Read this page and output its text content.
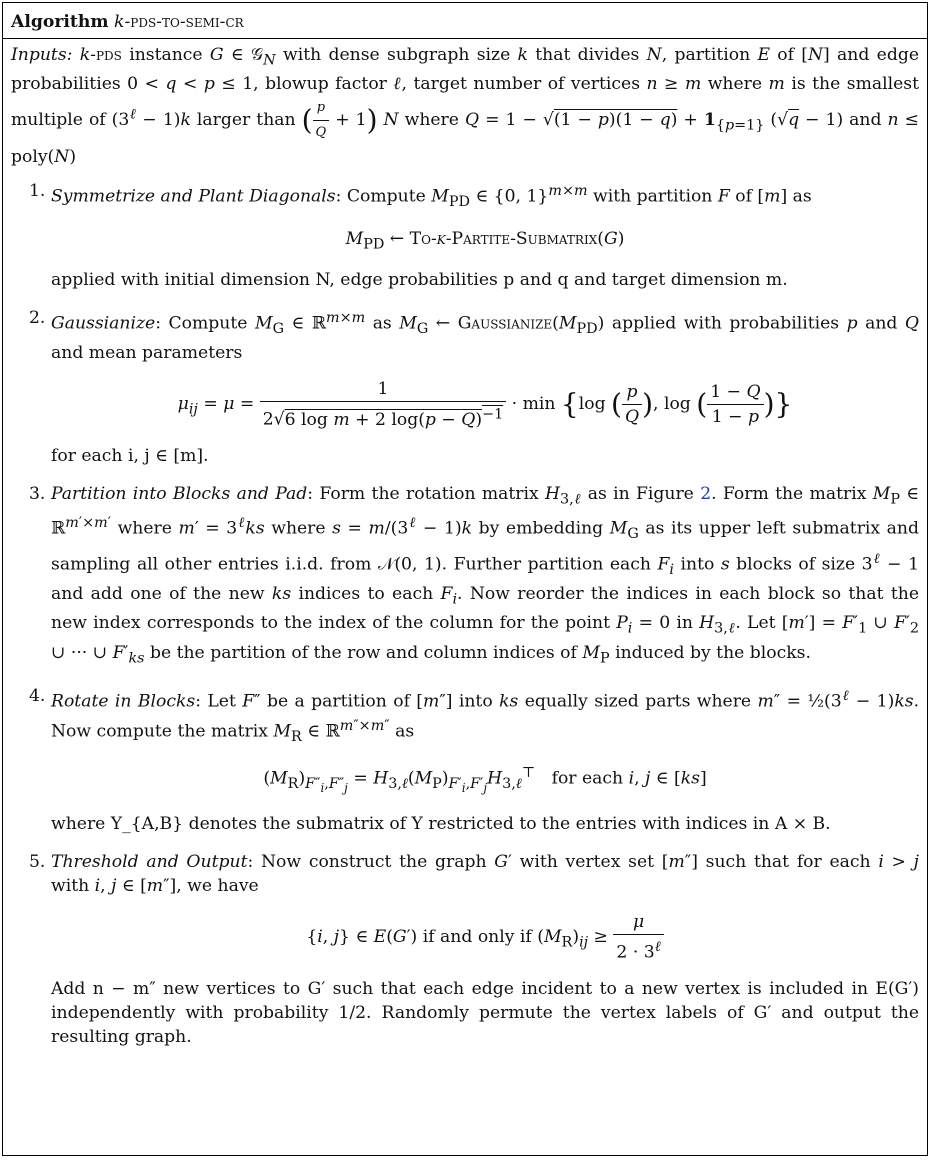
Algorithm k-pds-to-semi-cr

Inputs: k-pds instance G ∈ 𝒢$_N$ with dense subgraph size k that divides N, partition E of [N] and edge probabilities 0 < q < p ≤ 1, blowup factor ℓ, target number of vertices n ≥ m where m is the smallest multiple of $(3^\ell - 1)k$ larger than ( $\frac{p}{Q} + 1$) N where $Q = 1 - √(1 - p)(1 - q) + 1_{\{p=1\}}$ (√q − 1) and n ≤ poly(N)

1. Symmetrize and Plant Diagonals: Compute $M_{PD}$ ∈ {0, 1}$^{m\times m}$ with partition F of [m] as
$M_{PD}$ ← To-k-Partite-Submatrix(G)
applied with initial dimension N, edge probabilities p and q and target dimension m.
2. Gaussianize: Compute $M_G$ ∈ ℝ$^{m\times m}$ as $M_G$ ← $Gaussianize(M_{PD})$ applied with probabilities p and Q and mean parameters
$\mu_{ij} = \mu = \frac{1}{2√6 \log m + 2 \log(p - Q)^{-1}} \cdot \min \{\log$ ( $\frac{p}{Q}$ ), log ( $\frac{1 - Q}{1 - p}$ )}
for each i, j ∈ [m].
3. Partition into Blocks and Pad: Form the rotation matrix $H_{3,\ell}$ as in Figure 2. Form the matrix $M_P$ ∈ ℝ$^{m'\times m'}$ where $m' = 3^\ell ks$ where $s = m/(3^\ell - 1)k$ by embedding $M_G$ as its upper left submatrix and sampling all other entries i.i.d. from 𝒩(0, 1). Further partition each $F_i$ into s blocks of size $3^\ell - 1$ and add one of the new ks indices to each $F_i$. Now reorder the indices in each block so that the new index corresponds to the index of the column for the point $P_i = 0$ in $H_{3,\ell}$. Let $[m'] = F'_1$ ∪ $F'_2$ ∪ ··· ∪ $F'_{ks}$ be the partition of the row and column indices of $M_P$ induced by the blocks.
4. Rotate in Blocks: Let F″ be a partition of [m″] into ks equally sized parts where $m'' = \frac{1}{2}(3^\ell - 1)ks$. Now compute the matrix $M_R$ ∈ ℝ$^{m''\times m''}$ as
$(M_R)_{F''_i,F''_j} = H_{3,\ell}(M_P)_{F'_i,F'_j}H_{3,\ell}^⊤$   for each i, j ∈ [ks]
where Y_{A,B} denotes the submatrix of Y restricted to the entries with indices in A × B.
5. Threshold and Output: Now construct the graph G′ with vertex set [m″] such that for each i > j with i, j ∈ [m″], we have
{i, j} ∈ E(G′) if and only if $(M_R)_{ij} \ge \frac{\mu}{2 \cdot 3^\ell}$
Add n − m″ new vertices to G′ such that each edge incident to a new vertex is included in E(G′) independently with probability 1/2. Randomly permute the vertex labels of G′ and output the resulting graph.
